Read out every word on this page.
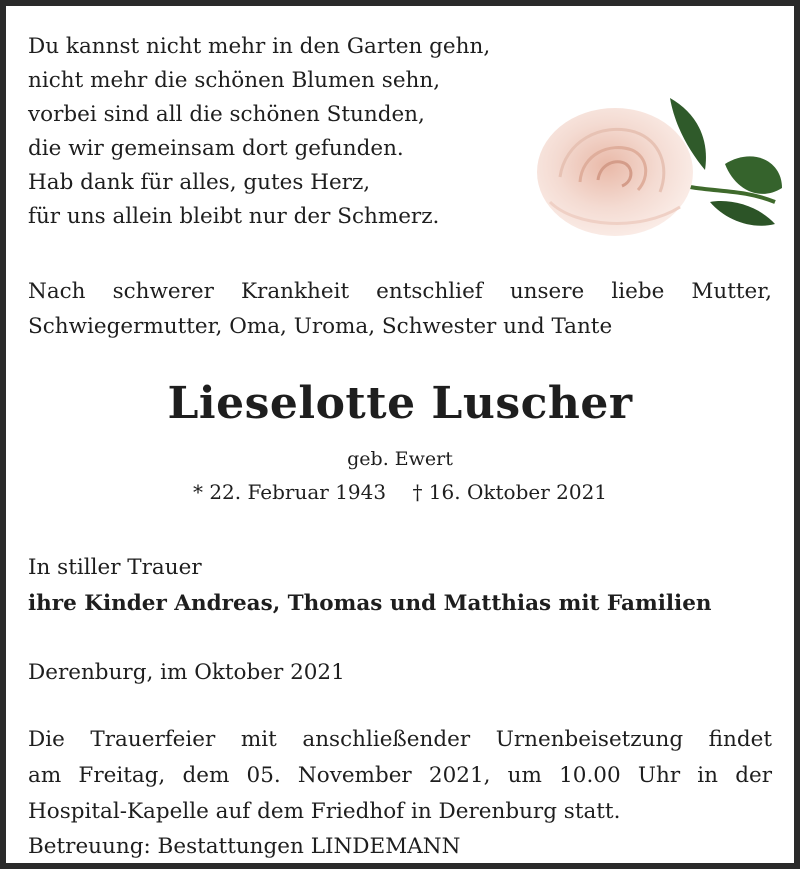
Du kannst nicht mehr in den Garten gehn,
nicht mehr die schönen Blumen sehn,
vorbei sind all die schönen Stunden,
die wir gemeinsam dort gefunden.
Hab dank für alles, gutes Herz,
für uns allein bleibt nur der Schmerz.
Nach schwerer Krankheit entschlief unsere liebe Mutter,
Schwiegermutter, Oma, Uroma, Schwester und Tante
Lieselotte Luscher
geb. Ewert
* 22. Februar 1943 † 16. Oktober 2021
In stiller Trauer
ihre Kinder Andreas, Thomas und Matthias mit Familien
Derenburg, im Oktober 2021
Die Trauerfeier mit anschließender Urnenbeisetzung findet
am Freitag, dem 05. November 2021, um 10.00 Uhr in der
Hospital-Kapelle auf dem Friedhof in Derenburg statt.
Betreuung: Bestattungen LINDEMANN
